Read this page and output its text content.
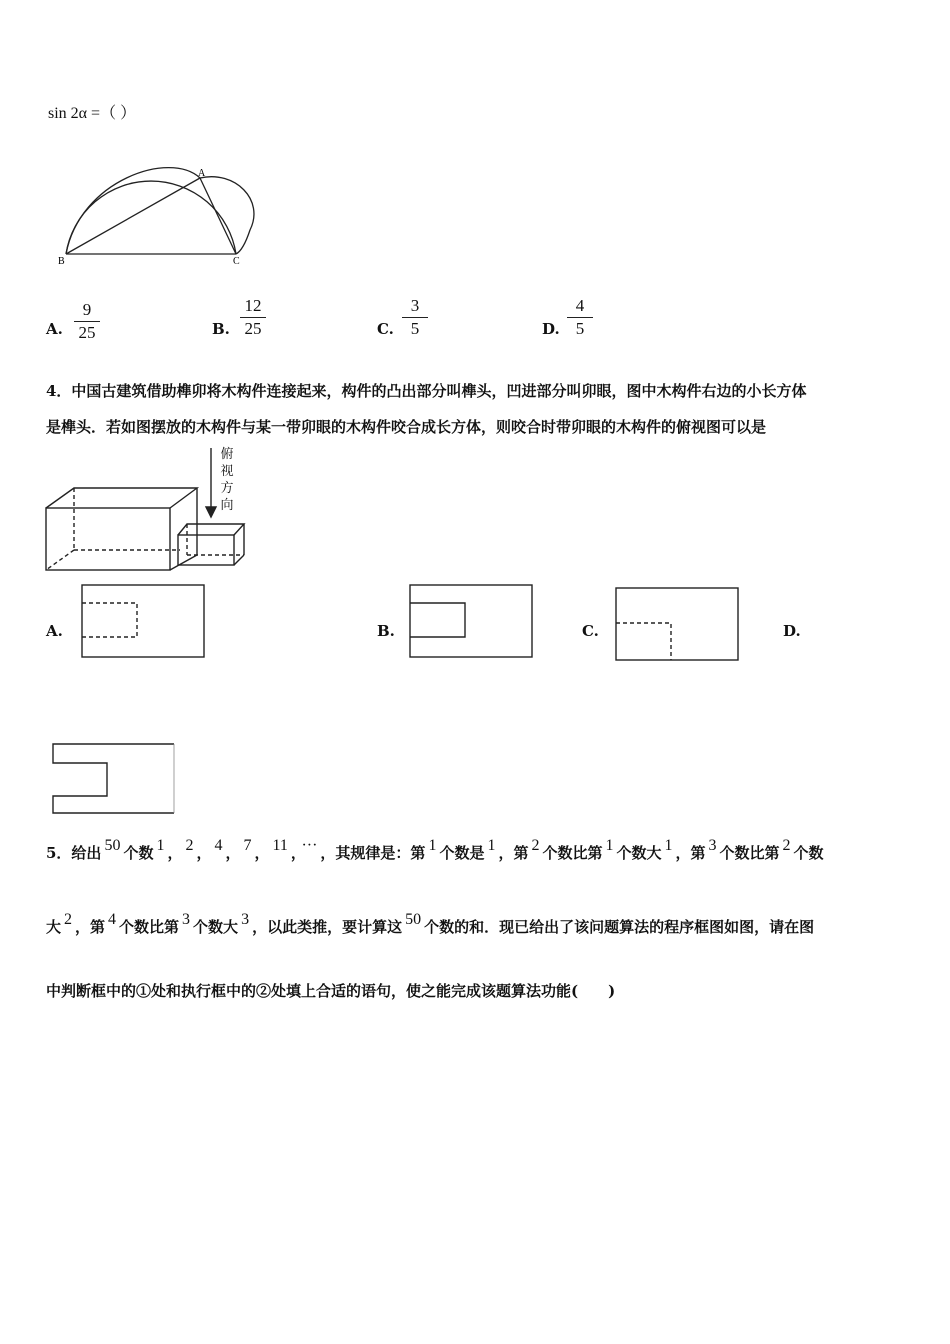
sin 2α =（ ）
A
B	C
A.
9
25	B.
12
25	C.
3
5	D.
4
5
4．中国古建筑借助榫卯将木构件连接起来，构件的凸出部分叫榫头，凹进部分叫卯眼，图中木构件右边的小长方体
是榫头．若如图摆放的木构件与某一带卯眼的木构件咬合成长方体，则咬合时带卯眼的木构件的俯视图可以是
俯
视
方
向
A.	B.	C.	D.
5．给出 50 个数 1 ， 2 ， 4 ， 7 ， 11 ， ··· ，其规律是：第 1 个数是 1 ，第 2 个数比第 1 个数大 1 ，第 3 个数比第 2 个数
大 2 ，第 4 个数比第 3 个数大 3 ，以此类推，要计算这 50 个数的和．现已给出了该问题算法的程序框图如图，请在图
中判断框中的①处和执行框中的②处填上合适的语句，使之能完成该题算法功能(　　)
